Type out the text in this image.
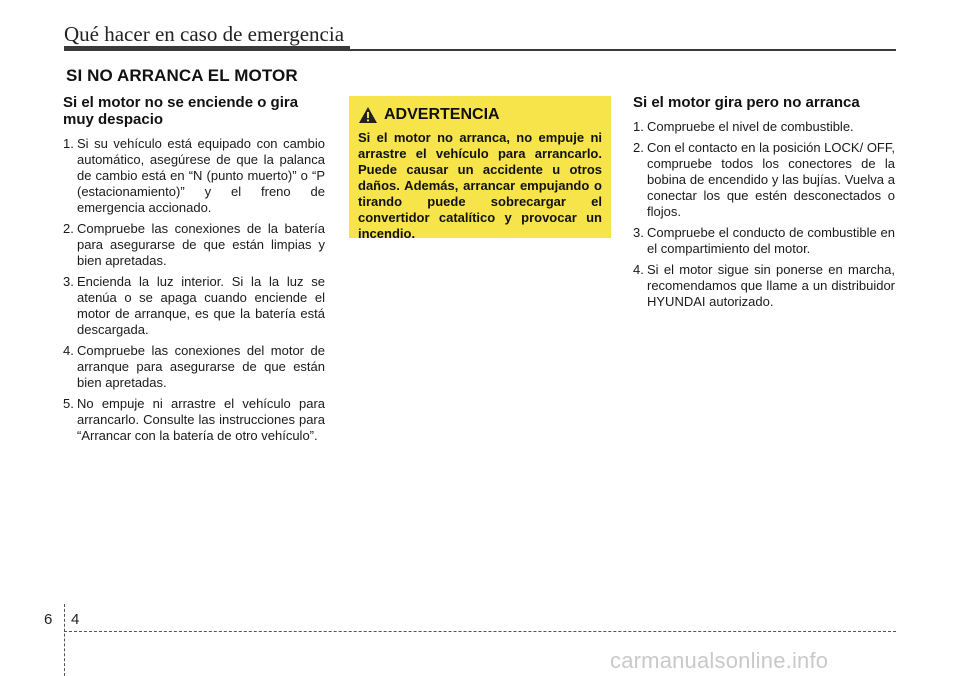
Qué hacer en caso de emergencia
SI NO ARRANCA EL MOTOR
Si el motor no se enciende o gira muy despacio
1. Si su vehículo está equipado con cambio automático, asegúrese de que la palanca de cambio está en “N (punto muerto)” o “P (estacionamiento)” y el freno de emergencia accionado.
2. Compruebe las conexiones de la batería para asegurarse de que están limpias y bien apretadas.
3. Encienda la luz interior. Si la la luz se atenúa o se apaga cuando enciende el motor de arranque, es que la batería está descargada.
4. Compruebe las conexiones del motor de arranque para asegurarse de que están bien apretadas.
5. No empuje ni arrastre el vehículo para arrancarlo. Consulte las instrucciones para “Arrancar con la batería de otro vehículo”.
ADVERTENCIA
Si el motor no arranca, no empuje ni arrastre el vehículo para arrancarlo. Puede causar un accidente u otros daños. Además, arrancar empujando o tirando puede sobrecargar el convertidor catalítico y provocar un incendio.
Si el motor gira pero no arranca
1. Compruebe el nivel de combustible.
2. Con el contacto en la posición LOCK/ OFF, compruebe todos los conectores de la bobina de encendido y las bujías. Vuelva a conectar los que estén desconectados o flojos.
3. Compruebe el conducto de combustible en el compartimiento del motor.
4. Si el motor sigue sin ponerse en marcha, recomendamos que llame a un distribuidor HYUNDAI autorizado.
6 4
carmanualsonline.info
